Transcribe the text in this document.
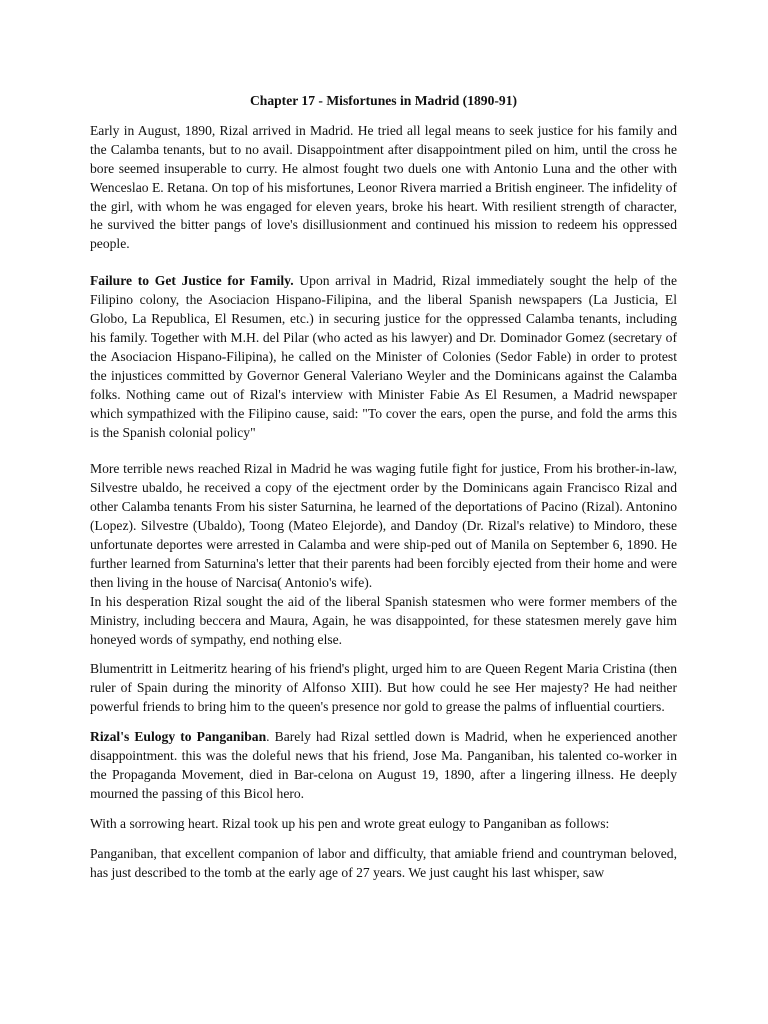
Chapter 17 - Misfortunes in Madrid (1890-91)

Early in August, 1890, Rizal arrived in Madrid. He tried all legal means to seek justice for his family and the Calamba tenants, but to no avail. Disappointment after disappointment piled on him, until the cross he bore seemed insuperable to curry. He almost fought two duels one with Antonio Luna and the other with Wenceslao E. Retana. On top of his misfortunes, Leonor Rivera married a British engineer. The infidelity of the girl, with whom he was engaged for eleven years, broke his heart. With resilient strength of character, he survived the bitter pangs of love's disillusionment and continued his mission to redeem his oppressed people.

Failure to Get Justice for Family. Upon arrival in Madrid, Rizal immediately sought the help of the Filipino colony, the Asociacion Hispano-Filipina, and the liberal Spanish newspapers (La Justicia, El Globo, La Republica, El Resumen, etc.) in securing justice for the oppressed Calamba tenants, including his family. Together with M.H. del Pilar (who acted as his lawyer) and Dr. Dominador Gomez (secretary of the Asociacion Hispano-Filipina), he called on the Minister of Colonies (Sedor Fable) in order to protest the injustices committed by Governor General Valeriano Weyler and the Dominicans against the Calamba folks. Nothing came out of Rizal's interview with Minister Fabie As El Resumen, a Madrid newspaper which sympathized with the Filipino cause, said: "To cover the ears, open the purse, and fold the arms this is the Spanish colonial policy"

More terrible news reached Rizal in Madrid he was waging futile fight for justice, From his brother-in-law, Silvestre ubaldo, he received a copy of the ejectment order by the Dominicans again Francisco Rizal and other Calamba tenants From his sister Saturnina, he learned of the deportations of Pacino (Rizal). Antonino (Lopez). Silvestre (Ubaldo), Toong (Mateo Elejorde), and Dandoy (Dr. Rizal's relative) to Mindoro, these unfortunate deportes were arrested in Calamba and were ship-ped out of Manila on September 6, 1890. He further learned from Saturnina's letter that their parents had been forcibly ejected from their home and were then living in the house of Narcisa( Antonio's wife).

In his desperation Rizal sought the aid of the liberal Spanish statesmen who were former members of the Ministry, including beccera and Maura, Again, he was disappointed, for these statesmen merely gave him honeyed words of sympathy, end nothing else.

Blumentritt in Leitmeritz hearing of his friend's plight, urged him to are Queen Regent Maria Cristina (then ruler of Spain during the minority of Alfonso XIII). But how could he see Her majesty? He had neither powerful friends to bring him to the queen's presence nor gold to grease the palms of influential courtiers.

Rizal's Eulogy to Panganiban. Barely had Rizal settled down is Madrid, when he experienced another disappointment. this was the doleful news that his friend, Jose Ma. Panganiban, his talented co-worker in the Propaganda Movement, died in Bar-celona on August 19, 1890, after a lingering illness. He deeply mourned the passing of this Bicol hero.

With a sorrowing heart. Rizal took up his pen and wrote great eulogy to Panganiban as follows:

Panganiban, that excellent companion of labor and difficulty, that amiable friend and countryman beloved, has just described to the tomb at the early age of 27 years. We just caught his last whisper, saw
